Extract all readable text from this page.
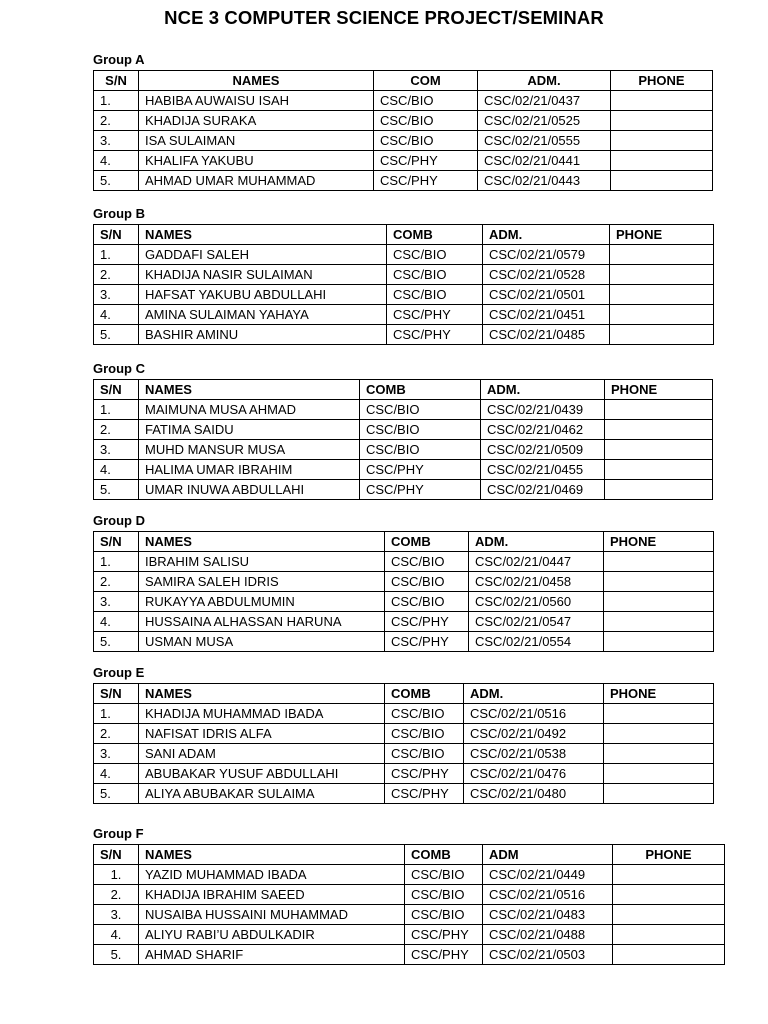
NCE 3 COMPUTER SCIENCE PROJECT/SEMINAR
Group A
S/N	NAMES	COM	ADM.	PHONE
1.	HABIBA AUWAISU ISAH	CSC/BIO	CSC/02/21/0437	
2.	KHADIJA SURAKA	CSC/BIO	CSC/02/21/0525	
3.	ISA SULAIMAN	CSC/BIO	CSC/02/21/0555	
4.	KHALIFA YAKUBU	CSC/PHY	CSC/02/21/0441	
5.	AHMAD UMAR MUHAMMAD	CSC/PHY	CSC/02/21/0443	
Group B
S/N	NAMES	COMB	ADM.	PHONE
1.	GADDAFI SALEH	CSC/BIO	CSC/02/21/0579	
2.	KHADIJA NASIR SULAIMAN	CSC/BIO	CSC/02/21/0528	
3.	HAFSAT YAKUBU ABDULLAHI	CSC/BIO	CSC/02/21/0501	
4.	AMINA SULAIMAN YAHAYA	CSC/PHY	CSC/02/21/0451	
5.	BASHIR AMINU	CSC/PHY	CSC/02/21/0485	
Group C
S/N	NAMES	COMB	ADM.	PHONE
1.	MAIMUNA MUSA AHMAD	CSC/BIO	CSC/02/21/0439	
2.	FATIMA SAIDU	CSC/BIO	CSC/02/21/0462	
3.	MUHD MANSUR MUSA	CSC/BIO	CSC/02/21/0509	
4.	HALIMA UMAR IBRAHIM	CSC/PHY	CSC/02/21/0455	
5.	UMAR INUWA ABDULLAHI	CSC/PHY	CSC/02/21/0469	
Group D
S/N	NAMES	COMB	ADM.	PHONE
1.	IBRAHIM SALISU	CSC/BIO	CSC/02/21/0447	
2.	SAMIRA SALEH IDRIS	CSC/BIO	CSC/02/21/0458	
3.	RUKAYYA ABDULMUMIN	CSC/BIO	CSC/02/21/0560	
4.	HUSSAINA ALHASSAN HARUNA	CSC/PHY	CSC/02/21/0547	
5.	USMAN MUSA	CSC/PHY	CSC/02/21/0554	
Group E
S/N	NAMES	COMB	ADM.	PHONE
1.	KHADIJA MUHAMMAD IBADA	CSC/BIO	CSC/02/21/0516	
2.	NAFISAT IDRIS ALFA	CSC/BIO	CSC/02/21/0492	
3.	SANI ADAM	CSC/BIO	CSC/02/21/0538	
4.	ABUBAKAR YUSUF ABDULLAHI	CSC/PHY	CSC/02/21/0476	
5.	ALIYA ABUBAKAR SULAIMA	CSC/PHY	CSC/02/21/0480	
Group F
S/N	NAMES	COMB	ADM	PHONE
1.	YAZID MUHAMMAD IBADA	CSC/BIO	CSC/02/21/0449	
2.	KHADIJA IBRAHIM SAEED	CSC/BIO	CSC/02/21/0516	
3.	NUSAIBA HUSSAINI MUHAMMAD	CSC/BIO	CSC/02/21/0483	
4.	ALIYU RABI’U ABDULKADIR	CSC/PHY	CSC/02/21/0488	
5.	AHMAD SHARIF	CSC/PHY	CSC/02/21/0503	
